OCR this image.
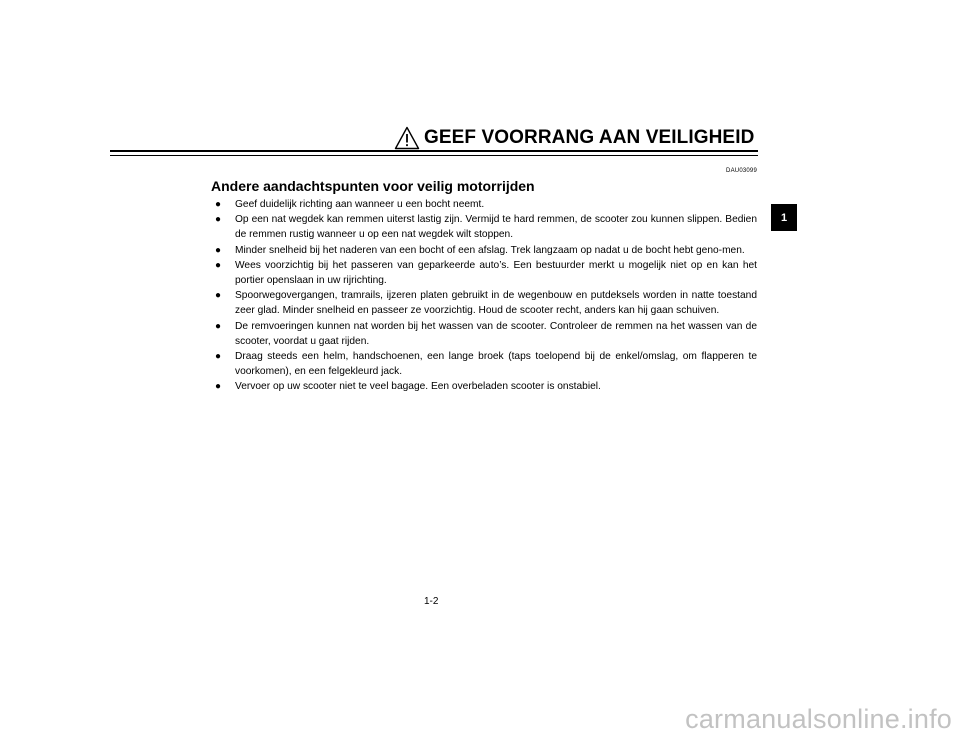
GEEF VOORRANG AAN VEILIGHEID
DAU03099
Andere aandachtspunten voor veilig motorrijden
● Geef duidelijk richting aan wanneer u een bocht neemt.
● Op een nat wegdek kan remmen uiterst lastig zijn. Vermijd te hard remmen, de scooter zou kunnen slippen. Bedien de remmen rustig wanneer u op een nat wegdek wilt stoppen.
● Minder snelheid bij het naderen van een bocht of een afslag. Trek langzaam op nadat u de bocht hebt geno-men.
● Wees voorzichtig bij het passeren van geparkeerde auto’s. Een bestuurder merkt u mogelijk niet op en kan het portier openslaan in uw rijrichting.
● Spoorwegovergangen, tramrails, ijzeren platen gebruikt in de wegenbouw en putdeksels worden in natte toestand zeer glad. Minder snelheid en passeer ze voorzichtig. Houd de scooter recht, anders kan hij gaan schuiven.
● De remvoeringen kunnen nat worden bij het wassen van de scooter. Controleer de remmen na het wassen van de scooter, voordat u gaat rijden.
● Draag steeds een helm, handschoenen, een lange broek (taps toelopend bij de enkel/omslag, om flapperen te voorkomen), en een felgekleurd jack.
● Vervoer op uw scooter niet te veel bagage. Een overbeladen scooter is onstabiel.
1
1-2
carmanualsonline.info
